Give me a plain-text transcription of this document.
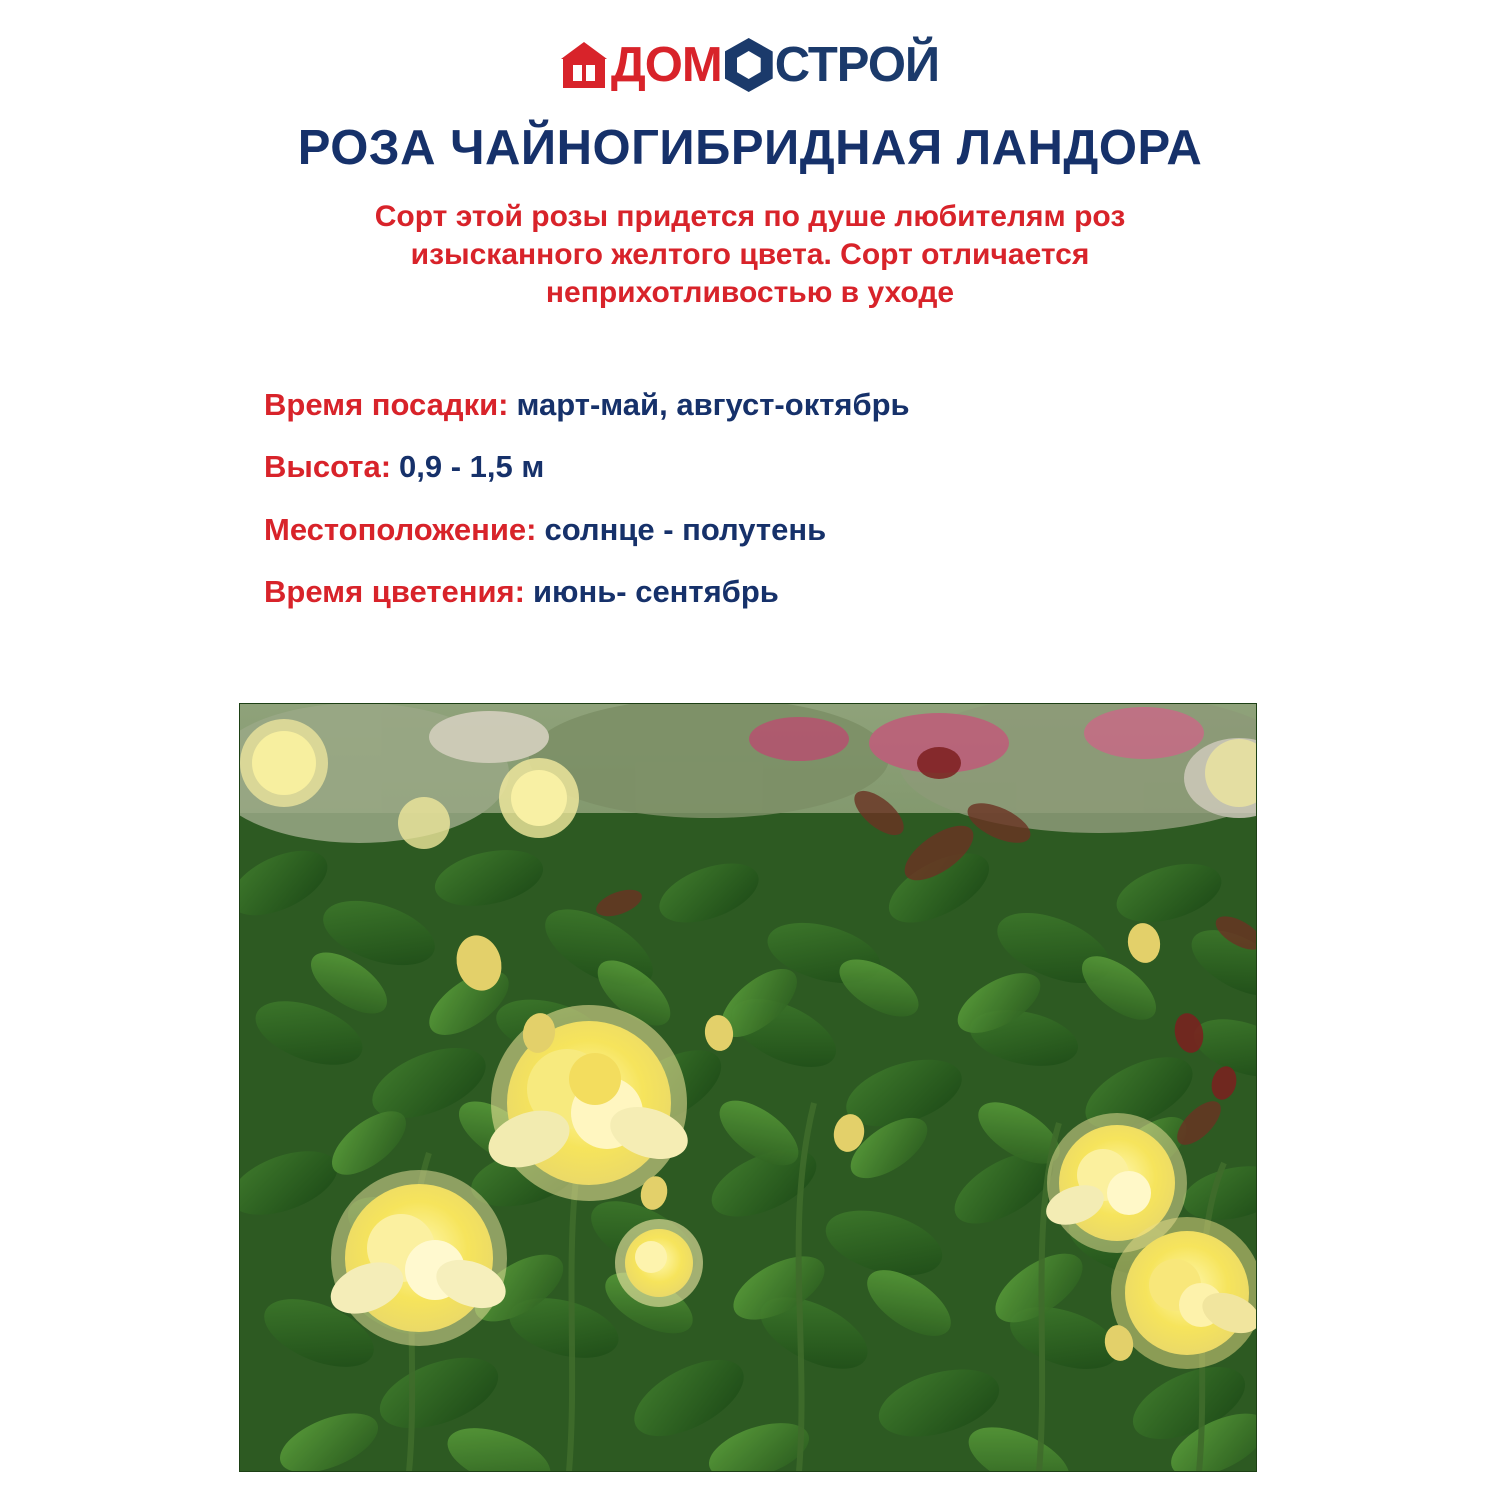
ДОМ СТРОЙ
РОЗА ЧАЙНОГИБРИДНАЯ ЛАНДОРА

Сорт этой розы придется по душе любителям роз изысканного желтого цвета. Сорт отличается неприхотливостью в уходе

Время посадки: март-май, август-октябрь
Высота: 0,9 - 1,5 м
Местоположение: солнце - полутень
Время цветения: июнь- сентябрь
